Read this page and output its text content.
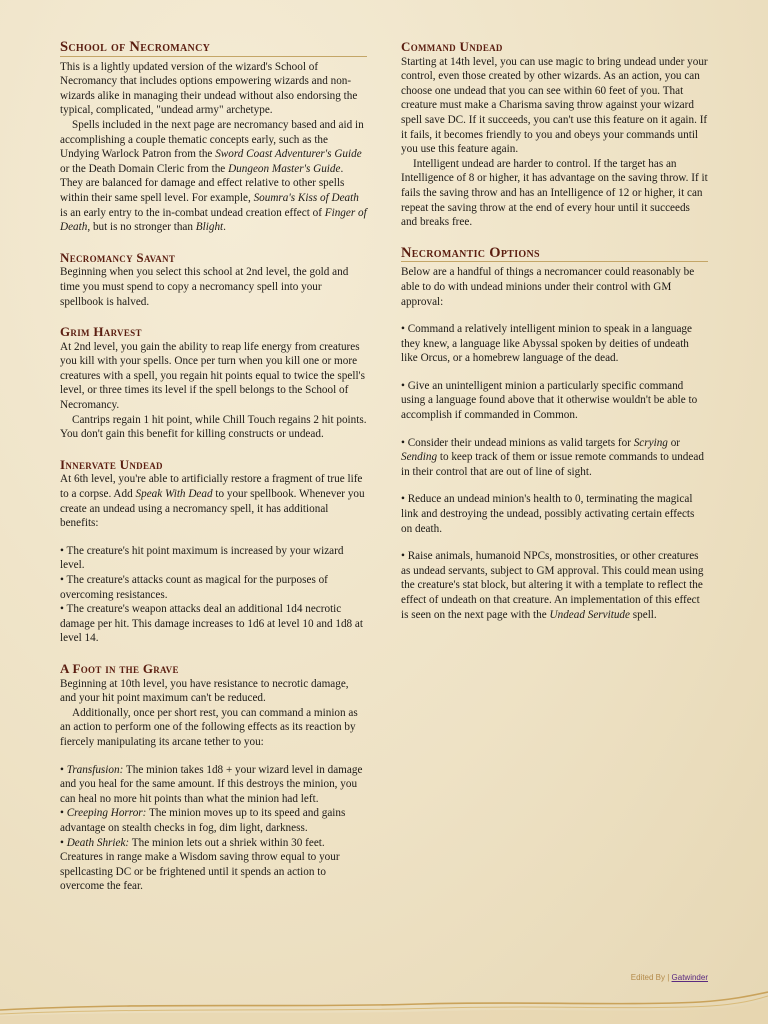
School of Necromancy

This is a lightly updated version of the wizard's School of Necromancy that includes options empowering wizards and non-wizards alike in managing their undead without also endorsing the typical, complicated, "undead army" archetype.

Spells included in the next page are necromancy based and aid in accomplishing a couple thematic concepts early, such as the Undying Warlock Patron from the Sword Coast Adventurer's Guide or the Death Domain Cleric from the Dungeon Master's Guide. They are balanced for damage and effect relative to other spells within their same spell level. For example, Soumra's Kiss of Death is an early entry to the in-combat undead creation effect of Finger of Death, but is no stronger than Blight.

Necromancy Savant

Beginning when you select this school at 2nd level, the gold and time you must spend to copy a necromancy spell into your spellbook is halved.

Grim Harvest

At 2nd level, you gain the ability to reap life energy from creatures you kill with your spells. Once per turn when you kill one or more creatures with a spell, you regain hit points equal to twice the spell's level, or three times its level if the spell belongs to the School of Necromancy.

Cantrips regain 1 hit point, while Chill Touch regains 2 hit points. You don't gain this benefit for killing constructs or undead.

Innervate Undead

At 6th level, you're able to artificially restore a fragment of true life to a corpse. Add Speak With Dead to your spellbook. Whenever you create an undead using a necromancy spell, it has additional benefits:

• The creature's hit point maximum is increased by your wizard level.

• The creature's attacks count as magical for the purposes of overcoming resistances.

• The creature's weapon attacks deal an additional 1d4 necrotic damage per hit. This damage increases to 1d6 at level 10 and 1d8 at level 14.

A Foot in the Grave

Beginning at 10th level, you have resistance to necrotic damage, and your hit point maximum can't be reduced.

Additionally, once per short rest, you can command a minion as an action to perform one of the following effects as its reaction by fiercely manipulating its arcane tether to you:

• Transfusion: The minion takes 1d8 + your wizard level in damage and you heal for the same amount. If this destroys the minion, you can heal no more hit points than what the minion had left.

• Creeping Horror: The minion moves up to its speed and gains advantage on stealth checks in fog, dim light, darkness.

• Death Shriek: The minion lets out a shriek within 30 feet. Creatures in range make a Wisdom saving throw equal to your spellcasting DC or be frightened until it spends an action to overcome the fear.

Command Undead

Starting at 14th level, you can use magic to bring undead under your control, even those created by other wizards. As an action, you can choose one undead that you can see within 60 feet of you. That creature must make a Charisma saving throw against your wizard spell save DC. If it succeeds, you can't use this feature on it again. If it fails, it becomes friendly to you and obeys your commands until you use this feature again.

Intelligent undead are harder to control. If the target has an Intelligence of 8 or higher, it has advantage on the saving throw. If it fails the saving throw and has an Intelligence of 12 or higher, it can repeat the saving throw at the end of every hour until it succeeds and breaks free.

Necromantic Options

Below are a handful of things a necromancer could reasonably be able to do with undead minions under their control with GM approval:

• Command a relatively intelligent minion to speak in a language they knew, a language like Abyssal spoken by deities of undeath like Orcus, or a homebrew language of the dead.

• Give an unintelligent minion a particularly specific command using a language found above that it otherwise wouldn't be able to accomplish if commanded in Common.

• Consider their undead minions as valid targets for Scrying or Sending to keep track of them or issue remote commands to undead in their control that are out of line of sight.

• Reduce an undead minion's health to 0, terminating the magical link and destroying the undead, possibly activating certain effects on death.

• Raise animals, humanoid NPCs, monstrosities, or other creatures as undead servants, subject to GM approval. This could mean using the creature's stat block, but altering it with a template to reflect the effect of undeath on that creature. An implementation of this effect is seen on the next page with the Undead Servitude spell.

Edited By | Gatwinder
